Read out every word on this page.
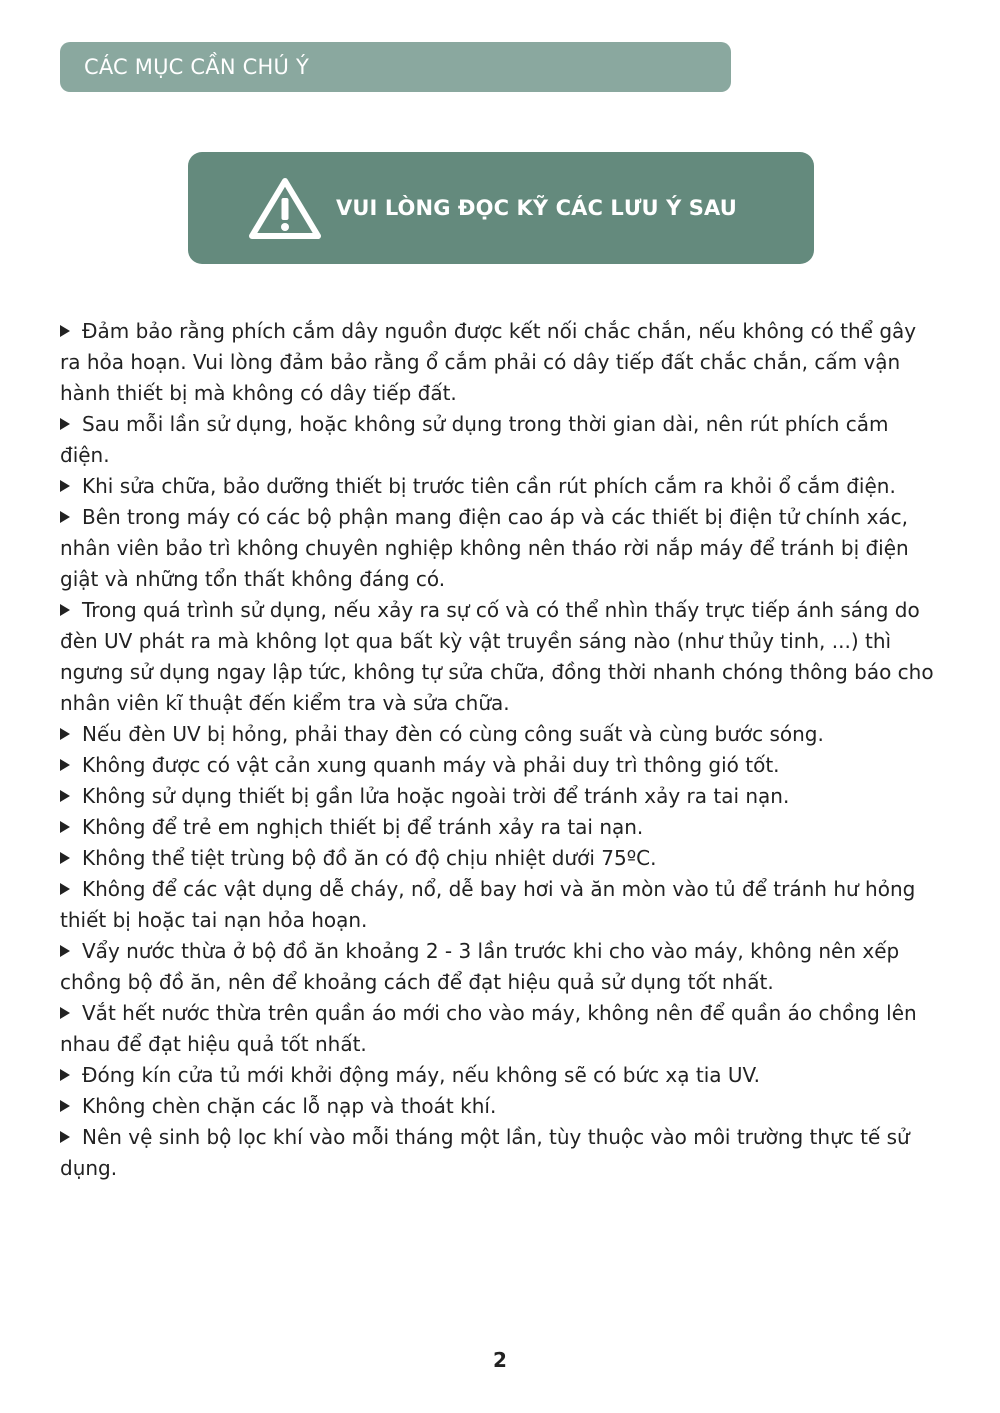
CÁC MỤC CẦN CHÚ Ý
VUI LÒNG ĐỌC KỸ CÁC LƯU Ý SAU
Đảm bảo rằng phích cắm dây nguồn được kết nối chắc chắn, nếu không có thể gây ra hỏa hoạn. Vui lòng đảm bảo rằng ổ cắm phải có dây tiếp đất chắc chắn, cấm vận hành thiết bị mà không có dây tiếp đất.
Sau mỗi lần sử dụng, hoặc không sử dụng trong thời gian dài, nên rút phích cắm điện.
Khi sửa chữa, bảo dưỡng thiết bị trước tiên cần rút phích cắm ra khỏi ổ cắm điện.
Bên trong máy có các bộ phận mang điện cao áp và các thiết bị điện tử chính xác, nhân viên bảo trì không chuyên nghiệp không nên tháo rời nắp máy để tránh bị điện giật và những tổn thất không đáng có.
Trong quá trình sử dụng, nếu xảy ra sự cố và có thể nhìn thấy trực tiếp ánh sáng do đèn UV phát ra mà không lọt qua bất kỳ vật truyền sáng nào (như thủy tinh, ...) thì ngưng sử dụng ngay lập tức, không tự sửa chữa, đồng thời nhanh chóng thông báo cho nhân viên kĩ thuật đến kiểm tra và sửa chữa.
Nếu đèn UV bị hỏng, phải thay đèn có cùng công suất và cùng bước sóng.
Không được có vật cản xung quanh máy và phải duy trì thông gió tốt.
Không sử dụng thiết bị gần lửa hoặc ngoài trời để tránh xảy ra tai nạn.
Không để trẻ em nghịch thiết bị để tránh xảy ra tai nạn.
Không thể tiệt trùng bộ đồ ăn có độ chịu nhiệt dưới 75ºC.
Không để các vật dụng dễ cháy, nổ, dễ bay hơi và ăn mòn vào tủ để tránh hư hỏng thiết bị hoặc tai nạn hỏa hoạn.
Vẩy nước thừa ở bộ đồ ăn khoảng 2 - 3 lần trước khi cho vào máy, không nên xếp chồng bộ đồ ăn, nên để khoảng cách để đạt hiệu quả sử dụng tốt nhất.
Vắt hết nước thừa trên quần áo mới cho vào máy, không nên để quần áo chồng lên nhau để đạt hiệu quả tốt nhất.
Đóng kín cửa tủ mới khởi động máy, nếu không sẽ có bức xạ tia UV.
Không chèn chặn các lỗ nạp và thoát khí.
Nên vệ sinh bộ lọc khí vào mỗi tháng một lần, tùy thuộc vào môi trường thực tế sử dụng.
2
